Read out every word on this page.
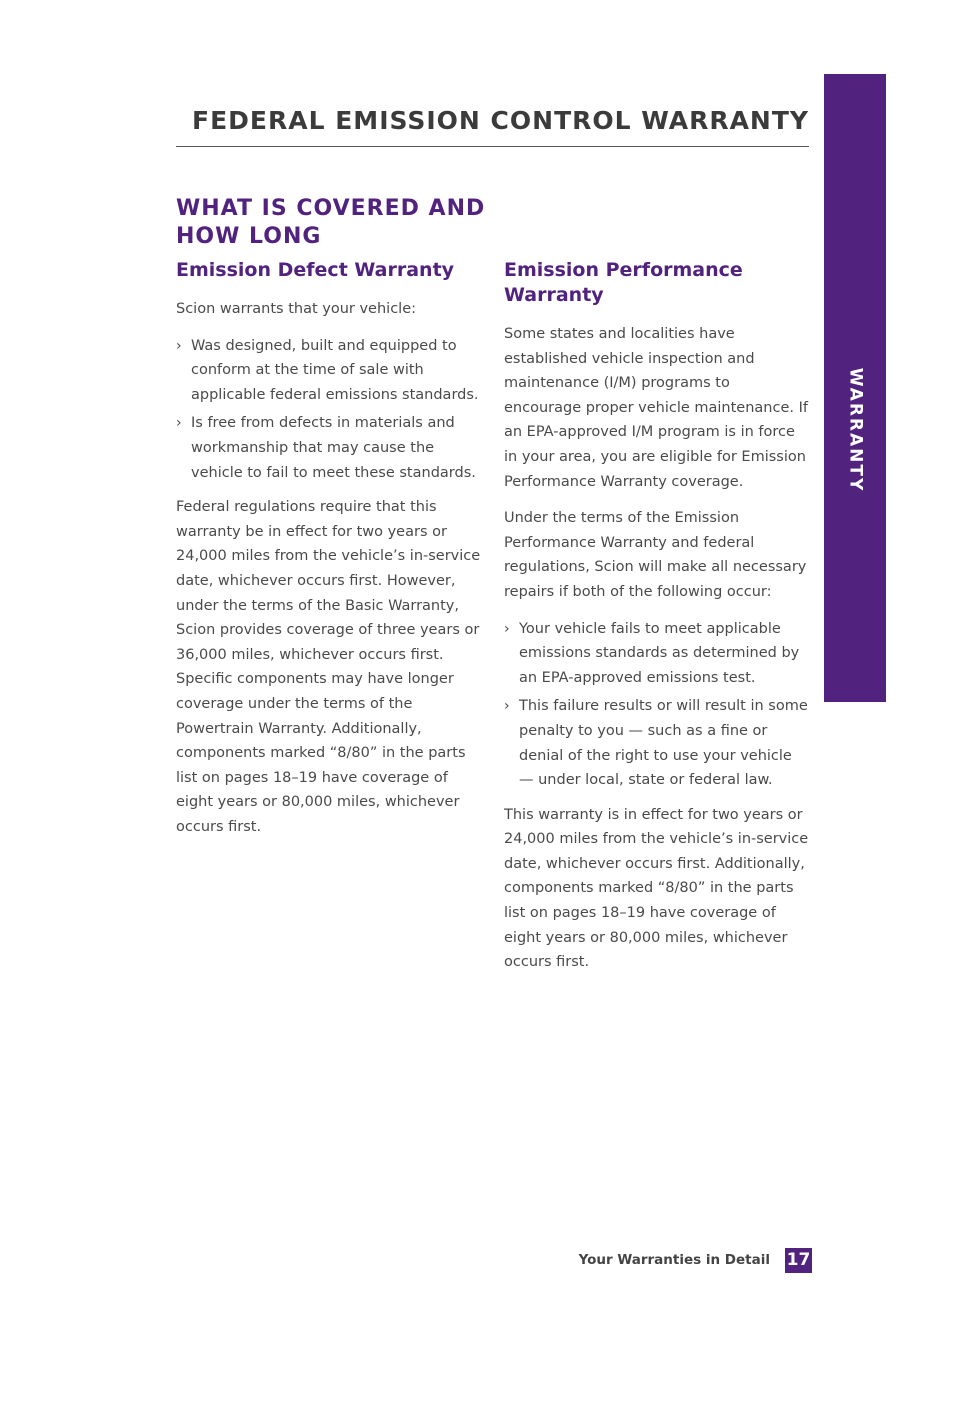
WARRANTY
FEDERAL EMISSION CONTROL WARRANTY
WHAT IS COVERED AND
HOW LONG
Emission Defect Warranty

Scion warrants that your vehicle:

› Was designed, built and equipped to conform at the time of sale with applicable federal emissions standards.
› Is free from defects in materials and workmanship that may cause the vehicle to fail to meet these standards.

Federal regulations require that this warranty be in effect for two years or 24,000 miles from the vehicle’s in-service date, whichever occurs first. However, under the terms of the Basic Warranty, Scion provides coverage of three years or 36,000 miles, whichever occurs first. Specific components may have longer coverage under the terms of the Powertrain Warranty. Additionally, components marked “8/80” in the parts list on pages 18–19 have coverage of eight years or 80,000 miles, whichever occurs first.

Emission Performance
Warranty

Some states and localities have established vehicle inspection and maintenance (I/M) programs to encourage proper vehicle maintenance. If an EPA-approved I/M program is in force in your area, you are eligible for Emission Performance Warranty coverage.

Under the terms of the Emission Performance Warranty and federal regulations, Scion will make all necessary repairs if both of the following occur:

› Your vehicle fails to meet applicable emissions standards as determined by an EPA-approved emissions test.
› This failure results or will result in some penalty to you — such as a fine or denial of the right to use your vehicle — under local, state or federal law.

This warranty is in effect for two years or 24,000 miles from the vehicle’s in-service date, whichever occurs first. Additionally, components marked “8/80” in the parts list on pages 18–19 have coverage of eight years or 80,000 miles, whichever occurs first.

Your Warranties in Detail 17
